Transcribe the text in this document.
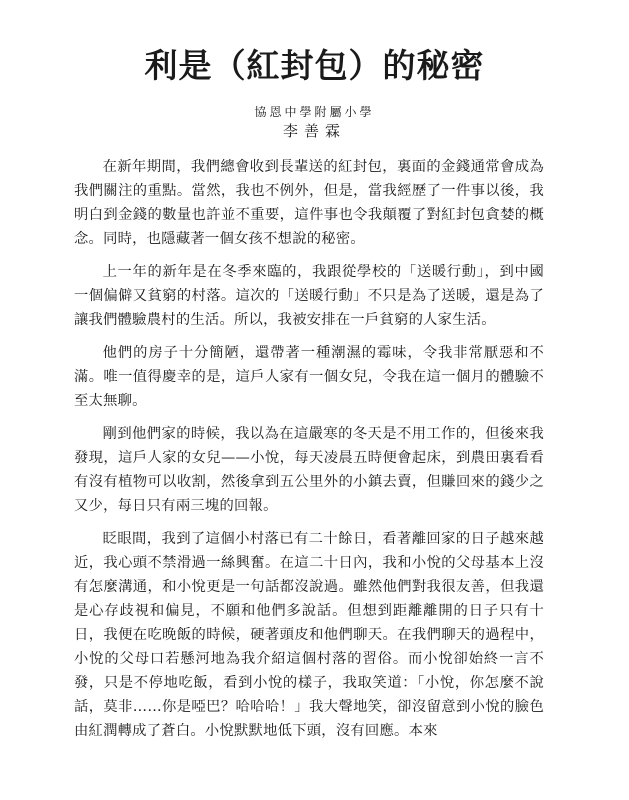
利是（紅封包）的秘密
協恩中學附屬小學
李善霖

在新年期間，我們總會收到長輩送的紅封包，裏面的金錢通常會成為我們關注的重點。當然，我也不例外，但是，當我經歷了一件事以後，我明白到金錢的數量也許並不重要，這件事也令我顛覆了對紅封包貪婪的概念。同時，也隱藏著一個女孩不想說的秘密。

上一年的新年是在冬季來臨的，我跟從學校的「送暖行動」，到中國一個偏僻又貧窮的村落。這次的「送暖行動」不只是為了送暖，還是為了讓我們體驗農村的生活。所以，我被安排在一戶貧窮的人家生活。

他們的房子十分簡陋，還帶著一種潮濕的霉味，令我非常厭惡和不滿。唯一值得慶幸的是，這戶人家有一個女兒，令我在這一個月的體驗不至太無聊。

剛到他們家的時候，我以為在這嚴寒的冬天是不用工作的，但後來我發現，這戶人家的女兒——小悅，每天凌晨五時便會起床，到農田裏看看有沒有植物可以收割，然後拿到五公里外的小鎮去賣，但賺回來的錢少之又少，每日只有兩三塊的回報。

眨眼間，我到了這個小村落已有二十餘日，看著離回家的日子越來越近，我心頭不禁滑過一絲興奮。在這二十日內，我和小悅的父母基本上沒有怎麼溝通，和小悅更是一句話都沒說過。雖然他們對我很友善，但我還是心存歧視和偏見，不願和他們多說話。但想到距離離開的日子只有十日，我便在吃晚飯的時候，硬著頭皮和他們聊天。在我們聊天的過程中，小悅的父母口若懸河地為我介紹這個村落的習俗。而小悅卻始終一言不發，只是不停地吃飯，看到小悅的樣子，我取笑道：「小悅，你怎麼不說話，莫非……你是啞巴？哈哈哈！」我大聲地笑，卻沒留意到小悅的臉色由紅潤轉成了蒼白。小悅默默地低下頭，沒有回應。本來
